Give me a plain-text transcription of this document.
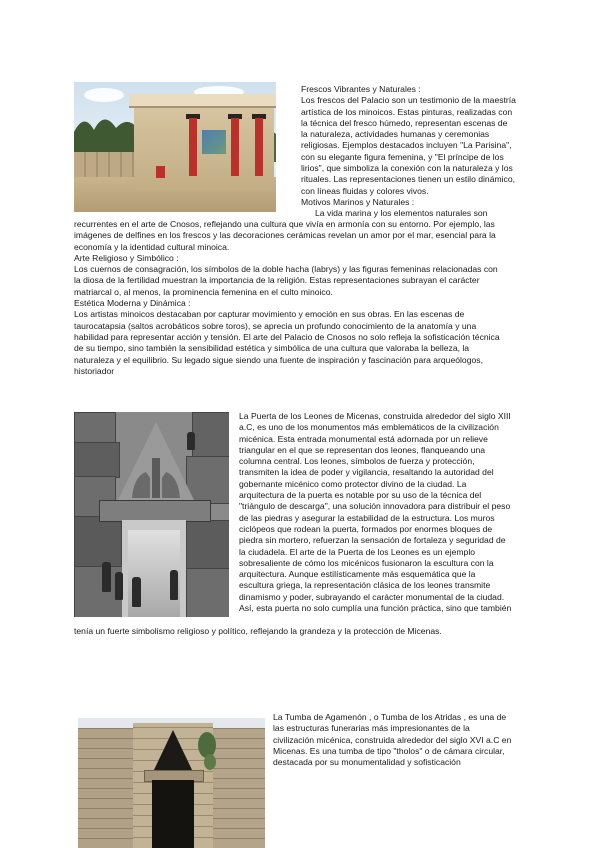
Frescos Vibrantes y Naturales :

Los frescos del Palacio son un testimonio de la maestría

artística de los minoicos. Estas pinturas, realizadas con

la técnica del fresco húmedo, representan escenas de

la naturaleza, actividades humanas y ceremonias

religiosas. Ejemplos destacados incluyen "La Parisina",

con su elegante figura femenina, y "El príncipe de los

lirios", que simboliza la conexión con la naturaleza y los

rituales. Las representaciones tienen un estilo dinámico,

con líneas fluidas y colores vivos.

Motivos Marinos y Naturales :

La vida marina y los elementos naturales son

recurrentes en el arte de Cnosos, reflejando una cultura que vivía en armonía con su entorno. Por ejemplo, las

imágenes de delfines en los frescos y las decoraciones cerámicas revelan un amor por el mar, esencial para la

economía y la identidad cultural minoica.

Arte Religioso y Simbólico :

Los cuernos de consagración, los símbolos de la doble hacha (labrys) y las figuras femeninas relacionadas con

la diosa de la fertilidad muestran la importancia de la religión. Estas representaciones subrayan el carácter

matriarcal o, al menos, la prominencia femenina en el culto minoico.

Estética Moderna y Dinámica :

Los artistas minoicos destacaban por capturar movimiento y emoción en sus obras. En las escenas de

taurocatapsia (saltos acrobáticos sobre toros), se aprecia un profundo conocimiento de la anatomía y una

habilidad para representar acción y tensión. El arte del Palacio de Cnosos no solo refleja la sofisticación técnica

de su tiempo, sino también la sensibilidad estética y simbólica de una cultura que valoraba la belleza, la

naturaleza y el equilibrio. Su legado sigue siendo una fuente de inspiración y fascinación para arqueólogos,

historiador

La Puerta de los Leones de Micenas, construida alrededor del siglo XIII

a.C, es uno de los monumentos más emblemáticos de la civilización

micénica. Esta entrada monumental está adornada por un relieve

triangular en el que se representan dos leones, flanqueando una

columna central. Los leones, símbolos de fuerza y protección,

transmiten la idea de poder y vigilancia, resaltando la autoridad del

gobernante micénico como protector divino de la ciudad. La

arquitectura de la puerta es notable por su uso de la técnica del

"triángulo de descarga", una solución innovadora para distribuir el peso

de las piedras y asegurar la estabilidad de la estructura. Los muros

ciclópeos que rodean la puerta, formados por enormes bloques de

piedra sin mortero, refuerzan la sensación de fortaleza y seguridad de

la ciudadela. El arte de la Puerta de los Leones es un ejemplo

sobresaliente de cómo los micénicos fusionaron la escultura con la

arquitectura. Aunque estilísticamente más esquemática que la

escultura griega, la representación clásica de los leones transmite

dinamismo y poder, subrayando el carácter monumental de la ciudad.

Así, esta puerta no solo cumplía una función práctica, sino que también

tenía un fuerte simbolismo religioso y político, reflejando la grandeza y la protección de Micenas.

La Tumba de Agamenón , o Tumba de los Atridas , es una de

las estructuras funerarias más impresionantes de la

civilización micénica, construida alrededor del siglo XVI a.C en

Micenas. Es una tumba de tipo "tholos" o de cámara circular,

destacada por su monumentalidad y sofisticación
